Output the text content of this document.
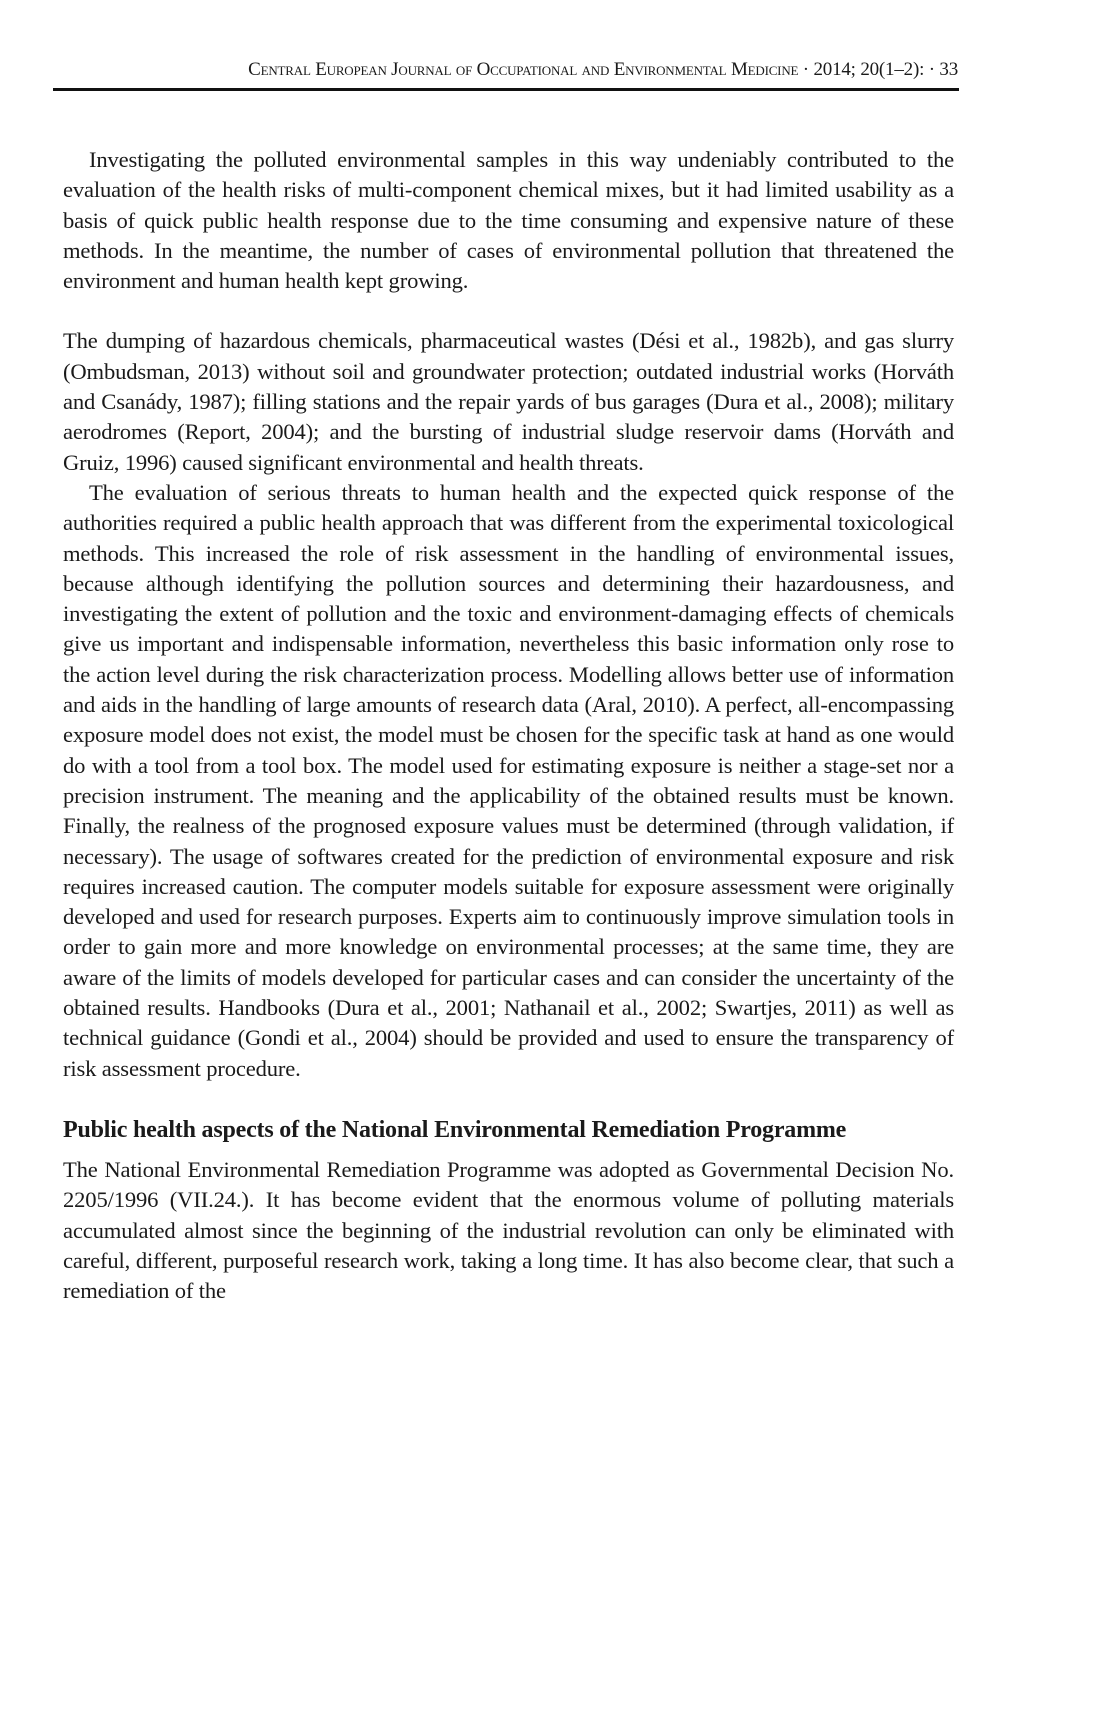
Central European Journal of Occupational and Environmental Medicine · 2014; 20(1–2): · 33

Investigating the polluted environmental samples in this way undeniably contributed to the evaluation of the health risks of multi-component chemical mixes, but it had limited usability as a basis of quick public health response due to the time consuming and expensive nature of these methods. In the meantime, the number of cases of environmental pollution that threatened the environment and human health kept growing.

The dumping of hazardous chemicals, pharmaceutical wastes (Dési et al., 1982b), and gas slurry (Ombudsman, 2013) without soil and groundwater protection; outdated industrial works (Horváth and Csanády, 1987); filling stations and the repair yards of bus garages (Dura et al., 2008); military aerodromes (Report, 2004); and the bursting of industrial sludge reservoir dams (Horváth and Gruiz, 1996) caused significant environmental and health threats.

The evaluation of serious threats to human health and the expected quick response of the authorities required a public health approach that was different from the experimental toxicological methods. This increased the role of risk assessment in the handling of environmental issues, because although identifying the pollution sources and determining their hazardousness, and investigating the extent of pollution and the toxic and environment-damaging effects of chemicals give us important and indispensable information, nevertheless this basic information only rose to the action level during the risk characterization process. Modelling allows better use of information and aids in the handling of large amounts of research data (Aral, 2010). A perfect, all-encompassing exposure model does not exist, the model must be chosen for the specific task at hand as one would do with a tool from a tool box. The model used for estimating exposure is neither a stage-set nor a precision instrument. The meaning and the applicability of the obtained results must be known. Finally, the realness of the prognosed exposure values must be determined (through validation, if necessary). The usage of softwares created for the prediction of environmental exposure and risk requires increased caution. The computer models suitable for exposure assessment were originally developed and used for research purposes. Experts aim to continuously improve simulation tools in order to gain more and more knowledge on environmental processes; at the same time, they are aware of the limits of models developed for particular cases and can consider the uncertainty of the obtained results. Handbooks (Dura et al., 2001; Nathanail et al., 2002; Swartjes, 2011) as well as technical guidance (Gondi et al., 2004) should be provided and used to ensure the transparency of risk assessment procedure.

Public health aspects of the National Environmental Remediation Programme

The National Environmental Remediation Programme was adopted as Governmental Decision No. 2205/1996 (VII.24.). It has become evident that the enormous volume of polluting materials accumulated almost since the beginning of the industrial revolution can only be eliminated with careful, different, purposeful research work, taking a long time. It has also become clear, that such a remediation of the
